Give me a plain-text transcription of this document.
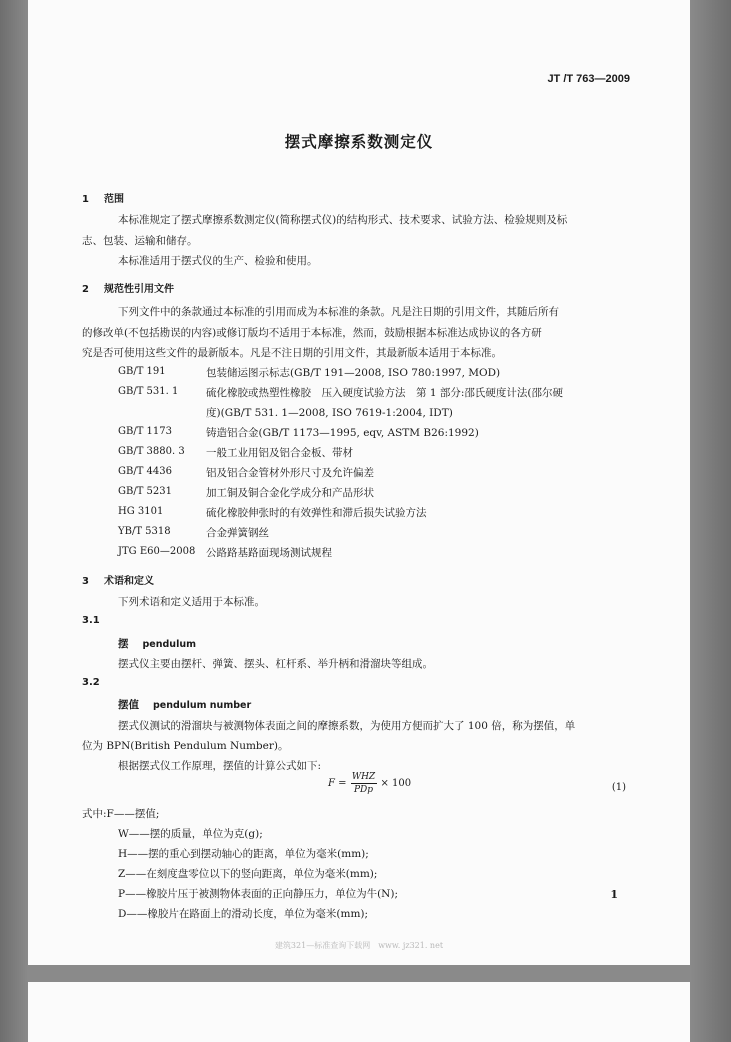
JT /T 763—2009
摆式摩擦系数测定仪
1 范围
本标准规定了摆式摩擦系数测定仪(简称摆式仪)的结构形式、技术要求、试验方法、检验规则及标
志、包装、运输和储存。
本标准适用于摆式仪的生产、检验和使用。
2 规范性引用文件
下列文件中的条款通过本标准的引用而成为本标准的条款。凡是注日期的引用文件，其随后所有
的修改单(不包括勘误的内容)或修订版均不适用于本标准，然而，鼓励根据本标准达成协议的各方研
究是否可使用这些文件的最新版本。凡是不注日期的引用文件，其最新版本适用于本标准。
GB/T 191	包装储运图示标志(GB/T 191—2008, ISO 780:1997, MOD)
GB/T 531. 1	硫化橡胶或热塑性橡胶　压入硬度试验方法　第 1 部分:邵氏硬度计法(邵尔硬
度)(GB/T 531. 1—2008, ISO 7619-1:2004, IDT)
GB/T 1173	铸造铝合金(GB/T 1173—1995, eqv, ASTM B26:1992)
GB/T 3880. 3 一般工业用铝及铝合金板、带材
GB/T 4436	铝及铝合金管材外形尺寸及允许偏差
GB/T 5231	加工铜及铜合金化学成分和产品形状
HG 3101	硫化橡胶伸张时的有效弹性和滞后损失试验方法
YB/T 5318	合金弹簧钢丝
JTG E60—2008 公路路基路面现场测试规程
3 术语和定义
下列术语和定义适用于本标准。
3.1
摆 pendulum
摆式仪主要由摆杆、弹簧、摆头、杠杆系、举升柄和滑溜块等组成。
3.2
摆值 pendulum number
摆式仪测试的滑溜块与被测物体表面之间的摩擦系数，为使用方便而扩大了 100 倍，称为摆值，单
位为 BPN(British Pendulum Number)。
根据摆式仪工作原理，摆值的计算公式如下:
$F = \frac{\text{WHZ}}{\text{PDp}} \times 100$	(1)
式中:F——摆值;
W——摆的质量，单位为克(g);
H——摆的重心到摆动轴心的距离，单位为毫米(mm);
Z——在刻度盘零位以下的竖向距离，单位为毫米(mm);
P——橡胶片压于被测物体表面的正向静压力，单位为牛(N);
D——橡胶片在路面上的滑动长度，单位为毫米(mm);
1
建筑321—标准查询下载网　www. jz321. net
